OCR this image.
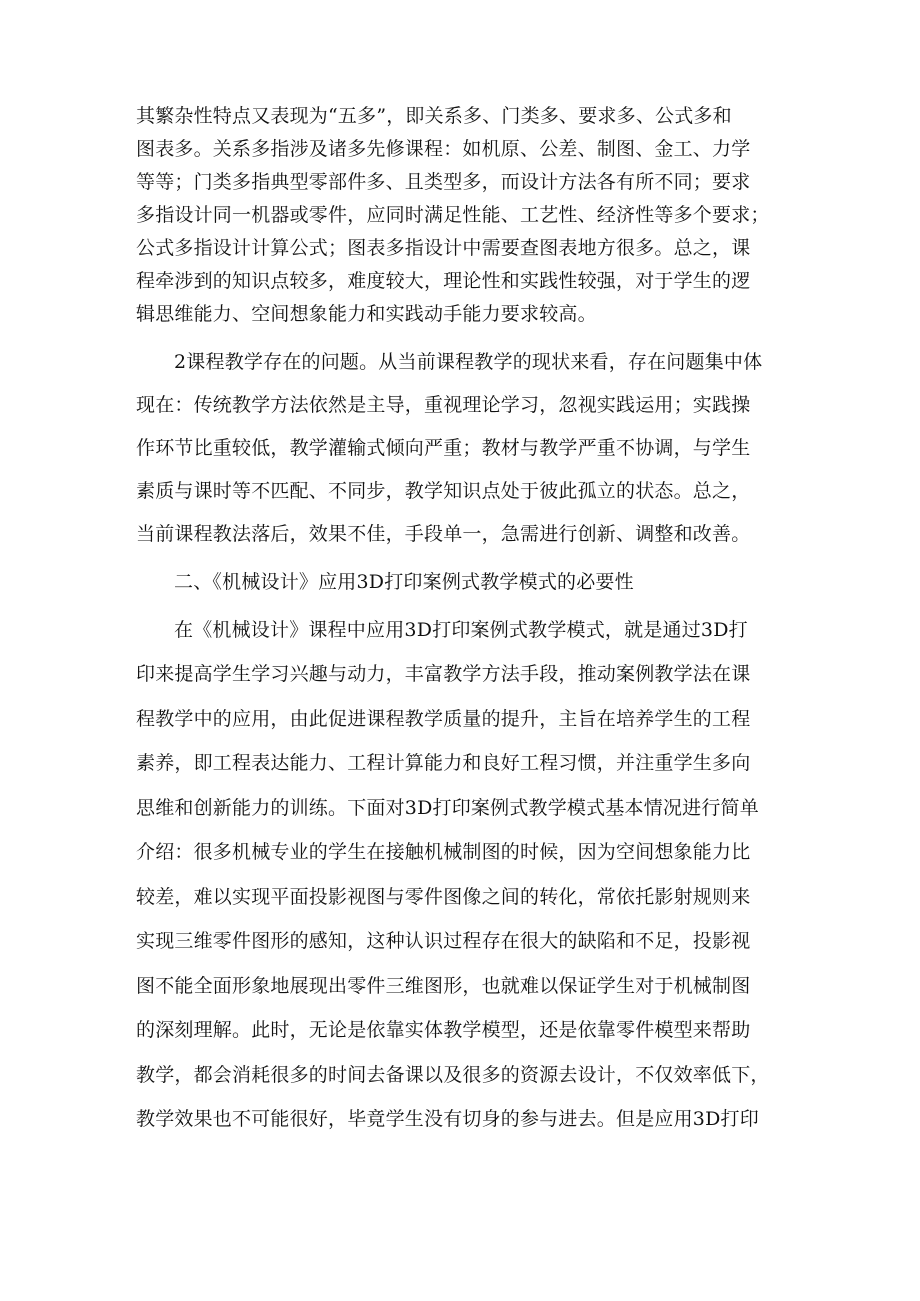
其繁杂性特点又表现为“五多”，即关系多、门类多、要求多、公式多和
图表多。关系多指涉及诸多先修课程：如机原、公差、制图、金工、力学
等等；门类多指典型零部件多、且类型多，而设计方法各有所不同；要求
多指设计同一机器或零件，应同时满足性能、工艺性、经济性等多个要求；
公式多指设计计算公式；图表多指设计中需要查图表地方很多。总之，课
程牵涉到的知识点较多，难度较大，理论性和实践性较强，对于学生的逻
辑思维能力、空间想象能力和实践动手能力要求较高。
2课程教学存在的问题。从当前课程教学的现状来看，存在问题集中体
现在：传统教学方法依然是主导，重视理论学习，忽视实践运用；实践操
作环节比重较低，教学灌输式倾向严重；教材与教学严重不协调，与学生
素质与课时等不匹配、不同步，教学知识点处于彼此孤立的状态。总之，
当前课程教法落后，效果不佳，手段单一，急需进行创新、调整和改善。
二、《机械设计》应用3D打印案例式教学模式的必要性
在《机械设计》课程中应用3D打印案例式教学模式，就是通过3D打
印来提高学生学习兴趣与动力，丰富教学方法手段，推动案例教学法在课
程教学中的应用，由此促进课程教学质量的提升，主旨在培养学生的工程
素养，即工程表达能力、工程计算能力和良好工程习惯，并注重学生多向
思维和创新能力的训练。下面对3D打印案例式教学模式基本情况进行简单
介绍：很多机械专业的学生在接触机械制图的时候，因为空间想象能力比
较差，难以实现平面投影视图与零件图像之间的转化，常依托影射规则来
实现三维零件图形的感知，这种认识过程存在很大的缺陷和不足，投影视
图不能全面形象地展现出零件三维图形，也就难以保证学生对于机械制图
的深刻理解。此时，无论是依靠实体教学模型，还是依靠零件模型来帮助
教学，都会消耗很多的时间去备课以及很多的资源去设计，不仅效率低下，
教学效果也不可能很好，毕竟学生没有切身的参与进去。但是应用3D打印
